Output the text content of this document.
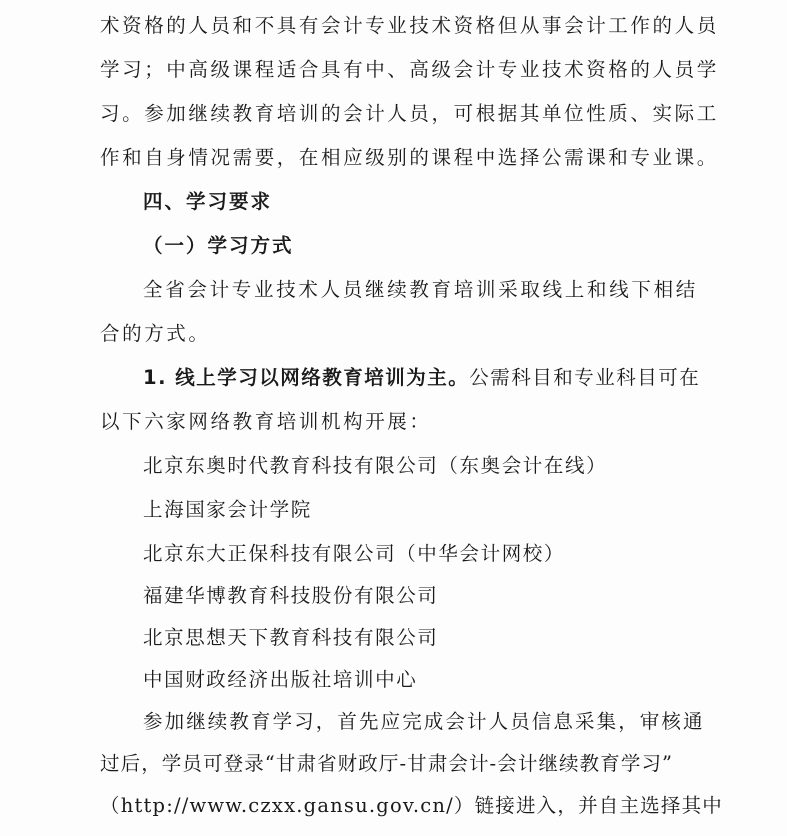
术资格的人员和不具有会计专业技术资格但从事会计工作的人员
学习；中高级课程适合具有中、高级会计专业技术资格的人员学
习。参加继续教育培训的会计人员，可根据其单位性质、实际工
作和自身情况需要，在相应级别的课程中选择公需课和专业课。
四、学习要求
（一）学习方式
全省会计专业技术人员继续教育培训采取线上和线下相结
合的方式。
1. 线上学习以网络教育培训为主。公需科目和专业科目可在
以下六家网络教育培训机构开展：
北京东奥时代教育科技有限公司（东奥会计在线）
上海国家会计学院
北京东大正保科技有限公司（中华会计网校）
福建华博教育科技股份有限公司
北京思想天下教育科技有限公司
中国财政经济出版社培训中心
参加继续教育学习，首先应完成会计人员信息采集，审核通
过后，学员可登录“甘肃省财政厅-甘肃会计-会计继续教育学习”
（http://www.czxx.gansu.gov.cn/）链接进入，并自主选择其中
